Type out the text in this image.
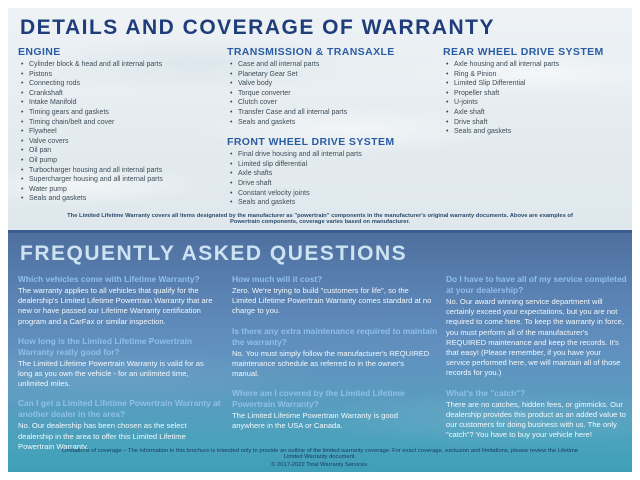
DETAILS AND COVERAGE OF WARRANTY
ENGINE
• Cylinder block & head and all internal parts
• Pistons
• Connecting rods
• Crankshaft
• Intake Manifold
• Timing gears and gaskets
• Timing chain/belt and cover
• Flywheel
• Valve covers
• Oil pan
• Oil pump
• Turbocharger housing and all internal parts
• Supercharger housing and all internal parts
• Water pump
• Seals and gaskets
TRANSMISSION & TRANSAXLE
• Case and all internal parts
• Planetary Gear Set
• Valve body
• Torque converter
• Clutch cover
• Transfer Case and all internal parts
• Seals and gaskets
FRONT WHEEL DRIVE SYSTEM
• Final drive housing and all internal parts
• Limited slip differential
• Axle shafts
• Drive shaft
• Constant velocity joints
• Seals and gaskets
REAR WHEEL DRIVE SYSTEM
• Axle housing and all internal parts
• Ring & Pinion
• Limited Slip Differential
• Propeller shaft
• U-joints
• Axle shaft
• Drive shaft
• Seals and gaskets
The Limited Lifetime Warranty covers all items designated by the manufacturer as "powertrain" components in the manufacturer's original warranty documents. Above are examples of Powertrain components, coverage varies based on manufacturer.
FREQUENTLY ASKED QUESTIONS
Which vehicles come with Lifetime Warranty?
The warranty applies to all vehicles that qualify for the dealership's Limited Lifetime Powertrain Warranty that are new or have passed our Lifetime Warranty certification program and a CarFax or similar inspection.
How long is the Limited Lifetime Powertrain Warranty really good for?
The Limited Lifetime Powertrain Warranty is valid for as long as you own the vehicle - for an unlimited time, unlimited miles.
Can I get a Limited Lifetime Powertrain Warranty at another dealer in the area?
No. Our dealership has been chosen as the select dealership in the area to offer this Limited Lifetime Powertrain Warranty.
How much will it cost?
Zero. We're trying to build "customers for life", so the Limited Lifetime Powertrain Warranty comes standard at no charge to you.
Is there any extra maintenance required to maintain the warranty?
No. You must simply follow the manufacturer's REQUIRED maintenance schedule as referred to in the owner's manual.
Where am I covered by the Limited Lifetime Powertrain Warranty?
The Limited Lifetime Powertrain Warranty is good anywhere in the USA or Canada.
Do I have to have all of my service completed at your dealership?
No. Our award winning service department will certainly exceed your expectations, but you are not required to come here. To keep the warranty in force, you must perform all of the manufacturer's REQUIRED maintenance and keep the records. It's that easy! (Please remember, if you have your service performed here, we will maintain all of those records for you.)
What's the "catch"?
There are no catches, hidden fees, or gimmicks. Our dealership provides this product as an added value to our customers for doing business with us. The only "catch"? You have to buy your vehicle here!
Limitations of coverage – The information in this brochure is intended only to provide an outline of the limited warranty coverage. For exact coverage, exclusion and limitations, please review the Lifetime Limited Warranty document.
© 2017-2022 Total Warranty Services.
